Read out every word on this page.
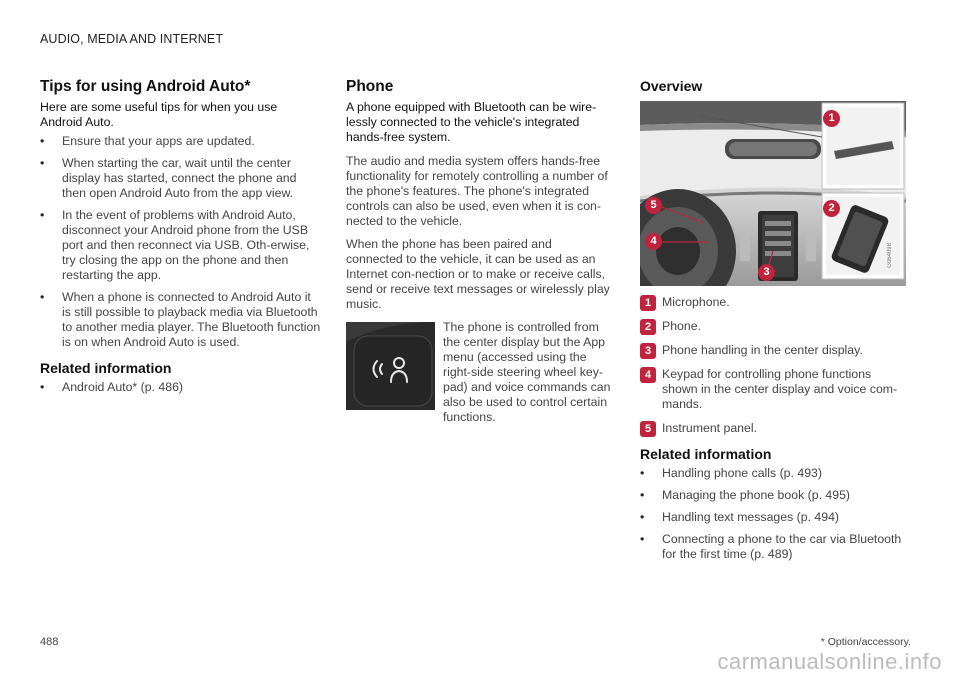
AUDIO, MEDIA AND INTERNET
Tips for using Android Auto*
Here are some useful tips for when you use Android Auto.
• Ensure that your apps are updated.
• When starting the car, wait until the center display has started, connect the phone and then open Android Auto from the app view.
• In the event of problems with Android Auto, disconnect your Android phone from the USB port and then reconnect via USB. Oth-erwise, try closing the app on the phone and then restarting the app.
• When a phone is connected to Android Auto it is still possible to playback media via Bluetooth to another media player. The Bluetooth function is on when Android Auto is used.
Related information
• Android Auto* (p. 486)
Phone
A phone equipped with Bluetooth can be wire-lessly connected to the vehicle's integrated hands-free system.

The audio and media system offers hands-free functionality for remotely controlling a number of the phone's features. The phone's integrated controls can also be used, even when it is con-nected to the vehicle.

When the phone has been paired and connected to the vehicle, it can be used as an Internet con-nection or to make or receive calls, send or receive text messages or wirelessly play music.

The phone is controlled from the center display but the App menu (accessed using the right-side steering wheel key-pad) and voice commands can also be used to control certain functions.
Overview
1
2
3
4
5
G064098
1 Microphone.
2 Phone.
3 Phone handling in the center display.
4 Keypad for controlling phone functions shown in the center display and voice com-mands.
5 Instrument panel.
Related information
• Handling phone calls (p. 493)
• Managing the phone book (p. 495)
• Handling text messages (p. 494)
• Connecting a phone to the car via Bluetooth for the first time (p. 489)
* Option/accessory.
488
carmanualsonline.info
